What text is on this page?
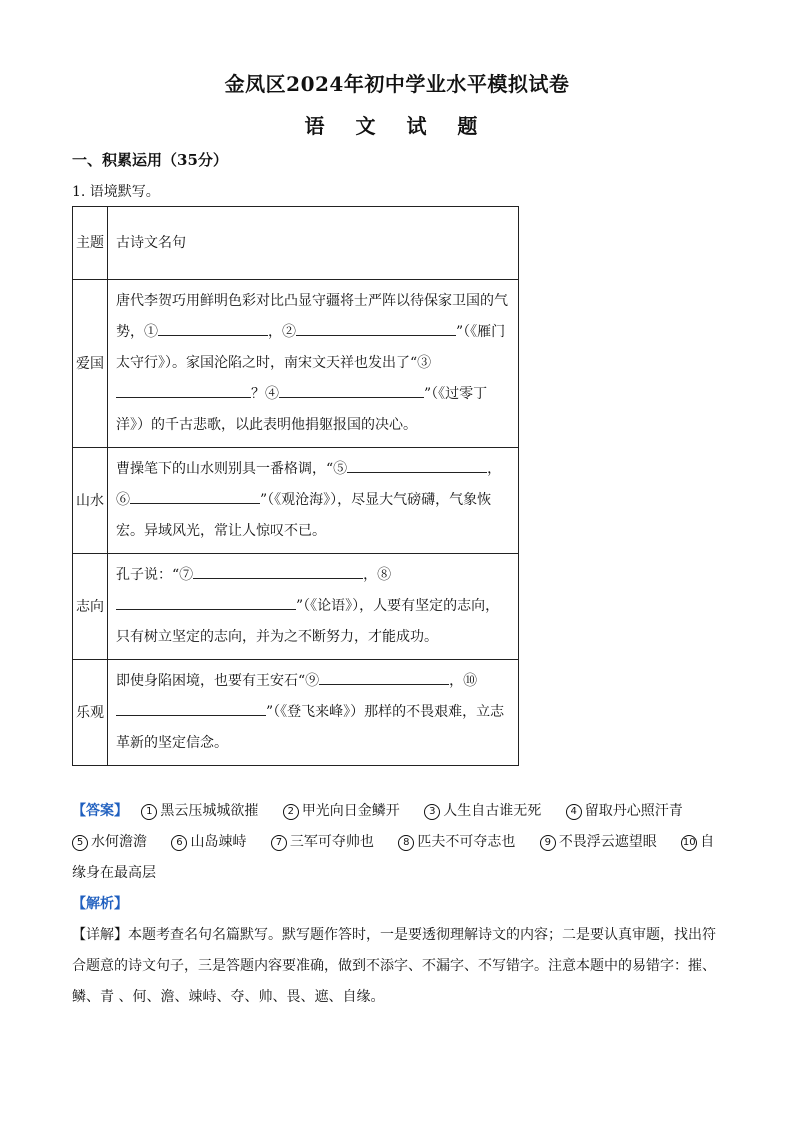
金凤区2024年初中学业水平模拟试卷
语 文 试 题
一、积累运用（35分）
1. 语境默写。
主题	古诗文名句
爱国	唐代李贺巧用鲜明色彩对比凸显守疆将士严阵以待保家卫国的气势，① ，② ”（《雁门太守行》）。家国沦陷之时，南宋文天祥也发出了“③？④ ”（《过零丁洋》）的千古悲歌，以此表明他捐躯报国的决心。
山水	曹操笔下的山水则别具一番格调，“⑤ ，⑥ ”（《观沧海》），尽显大气磅礴，气象恢宏。异域风光，常让人惊叹不已。
志向	孔子说：“⑦ ，⑧”（《论语》），人要有坚定的志向，只有树立坚定的志向，并为之不断努力，才能成功。
乐观	即使身陷困境，也要有王安石“⑨ ，⑩”（《登飞来峰》）那样的不畏艰难，立志革新的坚定信念。
【答案】 1 黑云压城城欲摧	2 甲光向日金鳞开	3 人生自古谁无死	4 留取丹心照汗青 5 水何澹澹	6 山岛竦峙	7 三军可夺帅也	8 匹夫不可夺志也	9 不畏浮云遮望眼	10 自缘身在最高层
【解析】
【详解】本题考查名句名篇默写。默写题作答时，一是要透彻理解诗文的内容；二是要认真审题，找出符合题意的诗文句子，三是答题内容要准确，做到不添字、不漏字、不写错字。注意本题中的易错字：摧、鳞、青 、何、澹、竦峙、夺、帅、畏、遮、自缘。
